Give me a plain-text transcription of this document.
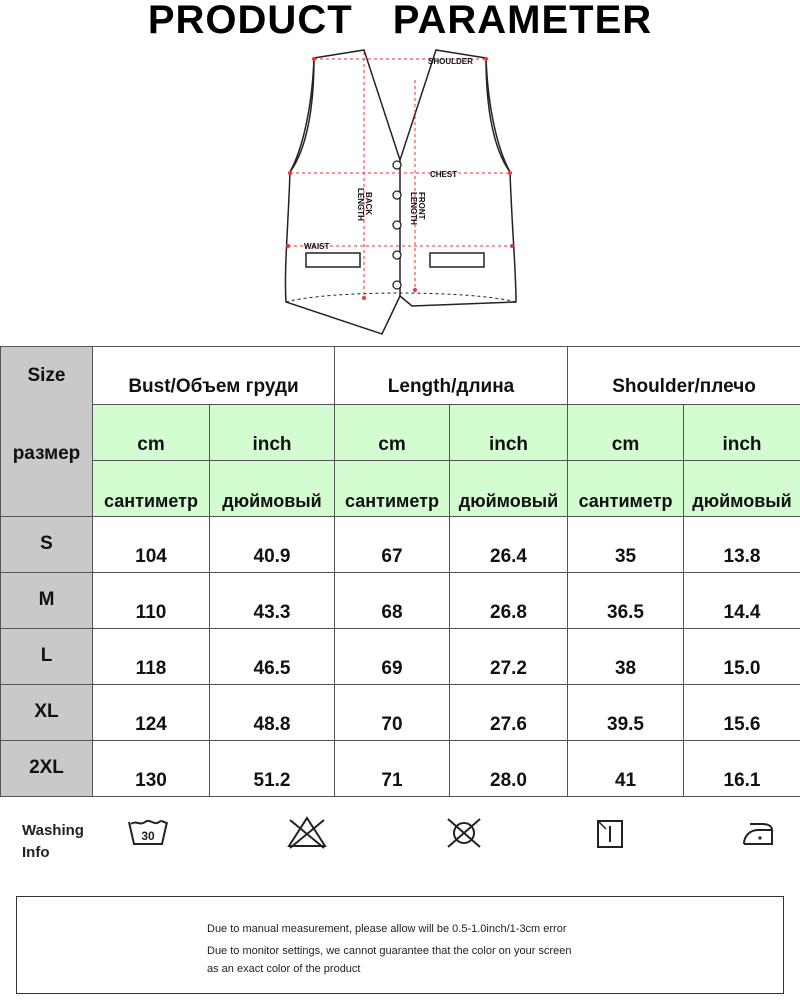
PRODUCT PARAMETER
SHOULDER
CHEST
WAIST
BACK
LENGTH	FRONT
LENGTH
Size
размер	Bust/Объем груди		Length/длина		Shoulder/плечо	
	cm	inch	cm	inch	cm	inch
	сантиметр	дюймовый	сантиметр	дюймовый	сантиметр	дюймовый

S	104	40.9	67	26.4	35	13.8

M	110	43.3	68	26.8	36.5	14.4

L	118	46.5	69	27.2	38	15.0

XL	124	48.8	70	27.6	39.5	15.6

2XL	130	51.2	71	28.0	41	16.1
Washing
Info
30
Due to manual measurement, please allow will be 0.5-1.0inch/1-3cm error
Due to monitor settings, we cannot guarantee that the color on your screen
as an exact color of the product
